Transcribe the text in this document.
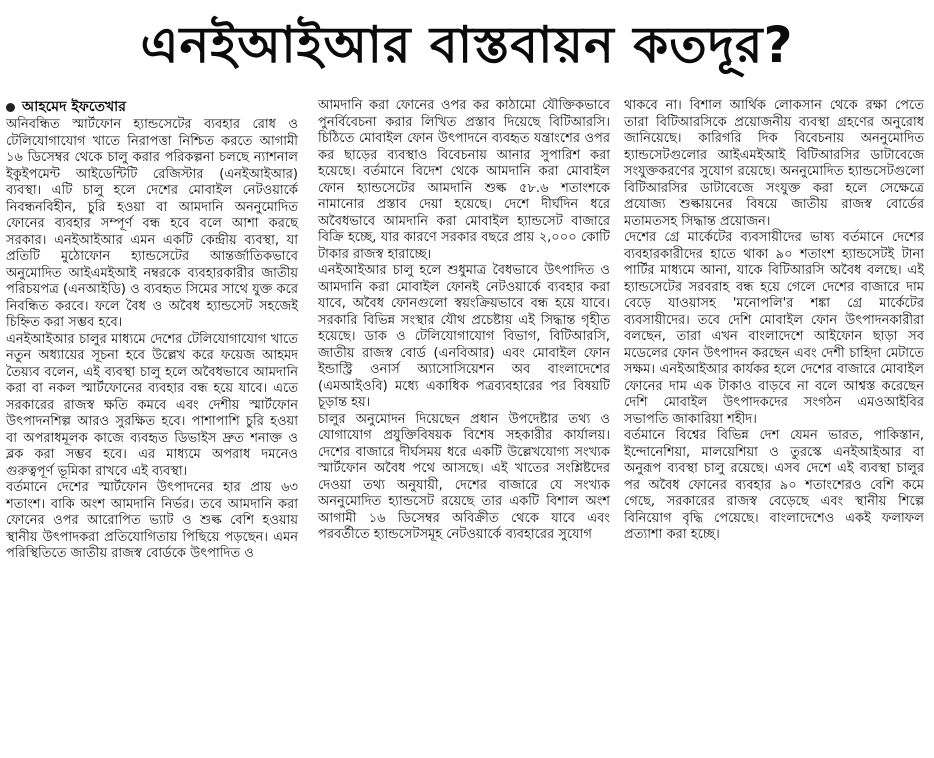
এনইআইআর বাস্তবায়ন কতদূর?
আহমেদ ইফতেখার

অনিবন্ধিত স্মার্টফোন হ্যান্ডসেটের ব্যবহার রোধ ও টেলিযোগাযোগ খাতে নিরাপত্তা নিশ্চিত করতে আগামী ১৬ ডিসেম্বর থেকে চালু করার পরিকল্পনা চলছে ন্যাশনাল ইকুইপমেন্ট আইডেন্টিটি রেজিস্টার (এনইআইআর) ব্যবস্থা। এটি চালু হলে দেশের মোবাইল নেটওয়ার্কে নিবন্ধনবিহীন, চুরি হওয়া বা আমদানি অননুমোদিত ফোনের ব্যবহার সম্পূর্ণ বন্ধ হবে বলে আশা করছে সরকার। এনইআইআর এমন একটি কেন্দ্রীয় ব্যবস্থা, যা প্রতিটি মুঠোফোন হ্যান্ডসেটের আন্তর্জাতিকভাবে অনুমোদিত আইএমইআই নম্বরকে ব্যবহারকারীর জাতীয় পরিচয়পত্র (এনআইডি) ও ব্যবহৃত সিমের সাথে যুক্ত করে নিবন্ধিত করবে। ফলে বৈধ ও অবৈধ হ্যান্ডসেট সহজেই চিহ্নিত করা সম্ভব হবে।

এনইআইআর চালুর মাধ্যমে দেশের টেলিযোগাযোগ খাতে নতুন অধ্যায়ের সূচনা হবে উল্লেখ করে ফয়েজ আহমদ তৈয়্যব বলেন, এই ব্যবস্থা চালু হলে অবৈধভাবে আমদানি করা বা নকল স্মার্টফোনের ব্যবহার বন্ধ হয়ে যাবে। এতে সরকারের রাজস্ব ক্ষতি কমবে এবং দেশীয় স্মার্টফোন উৎপাদনশিল্প আরও সুরক্ষিত হবে। পাশাপাশি চুরি হওয়া বা অপরাধমূলক কাজে ব্যবহৃত ডিভাইস দ্রুত শনাক্ত ও ব্লক করা সম্ভব হবে। এর মাধ্যমে অপরাধ দমনেও গুরুত্বপূর্ণ ভূমিকা রাখবে এই ব্যবস্থা।

বর্তমানে দেশের স্মার্টফোন উৎপাদনের হার প্রায় ৬৩ শতাংশ। বাকি অংশ আমদানি নির্ভর। তবে আমদানি করা ফোনের ওপর আরোপিত ভ্যাট ও শুল্ক বেশি হওয়ায় স্থানীয় উৎপাদকরা প্রতিযোগিতায় পিছিয়ে পড়ছেন। এমন পরিস্থিতিতে জাতীয় রাজস্ব বোর্ডকে উৎপাদিত ও

আমদানি করা ফোনের ওপর কর কাঠামো যৌক্তিকভাবে পুনর্বিবেচনা করার লিখিত প্রস্তাব দিয়েছে বিটিআরসি। চিঠিতে মোবাইল ফোন উৎপাদনে ব্যবহৃত যন্ত্রাংশের ওপর কর ছাড়ের ব্যবস্থাও বিবেচনায় আনার সুপারিশ করা হয়েছে। বর্তমানে বিদেশ থেকে আমদানি করা মোবাইল ফোন হ্যান্ডসেটের আমদানি শুল্ক ৫৮.৬ শতাংশকে নামানোর প্রস্তাব দেয়া হয়েছে। দেশে দীর্ঘদিন ধরে অবৈধভাবে আমদানি করা মোবাইল হ্যান্ডসেট বাজারে বিক্রি হচ্ছে, যার কারণে সরকার বছরে প্রায় ২,০০০ কোটি টাকার রাজস্ব হারাচ্ছে।

এনইআইআর চালু হলে শুধুমাত্র বৈধভাবে উৎপাদিত ও আমদানি করা মোবাইল ফোনই নেটওয়ার্কে ব্যবহার করা যাবে, অবৈধ ফোনগুলো স্বয়ংক্রিয়ভাবে বন্ধ হয়ে যাবে। সরকারি বিভিন্ন সংস্থার যৌথ প্রচেষ্টায় এই সিদ্ধান্ত গৃহীত হয়েছে। ডাক ও টেলিযোগাযোগ বিভাগ, বিটিআরসি, জাতীয় রাজস্ব বোর্ড (এনবিআর) এবং মোবাইল ফোন ইন্ডাস্ট্রি ওনার্স অ্যাসোসিয়েশন অব বাংলাদেশের (এমআইওবি) মধ্যে একাধিক পত্রব্যবহারের পর বিষয়টি চূড়ান্ত হয়।

চালুর অনুমোদন দিয়েছেন প্রধান উপদেষ্টার তথ্য ও যোগাযোগ প্রযুক্তিবিষয়ক বিশেষ সহকারীর কার্যালয়। দেশের বাজারে দীর্ঘসময় ধরে একটি উল্লেখযোগ্য সংখ্যক স্মার্টফোন অবৈধ পথে আসছে। এই খাতের সংশ্লিষ্টদের দেওয়া তথ্য অনুযায়ী, দেশের বাজারে যে সংখ্যক অননুমোদিত হ্যান্ডসেট রয়েছে তার একটি বিশাল অংশ আগামী ১৬ ডিসেম্বর অবিক্রীত থেকে যাবে এবং পরবর্তীতে হ্যান্ডসেটসমূহ নেটওয়ার্কে ব্যবহারের সুযোগ

থাকবে না। বিশাল আর্থিক লোকসান থেকে রক্ষা পেতে তারা বিটিআরসিকে প্রয়োজনীয় ব্যবস্থা গ্রহণের অনুরোধ জানিয়েছে। কারিগরি দিক বিবেচনায় অননুমোদিত হ্যান্ডসেটগুলোর আইএমইআই বিটিআরসির ডাটাবেজে সংযুক্তকরণের সুযোগ রয়েছে। অননুমোদিত হ্যান্ডসেটগুলো বিটিআরসির ডাটাবেজে সংযুক্ত করা হলে সেক্ষেত্রে প্রযোজ্য শুল্কায়নের বিষয়ে জাতীয় রাজস্ব বোর্ডের মতামতসহ সিদ্ধান্ত প্রয়োজন।

দেশের গ্রে মার্কেটের ব্যবসায়ীদের ভাষ্য বর্তমানে দেশের ব্যবহারকারীদের হাতে থাকা ৯০ শতাংশ হ্যান্ডসেটই টানা পার্টির মাধ্যমে আনা, যাকে বিটিআরসি অবৈধ বলছে। এই হ্যান্ডসেটের সরবরাহ বন্ধ হয়ে গেলে দেশের বাজারে দাম বেড়ে যাওয়াসহ 'মনোপলি'র শঙ্কা গ্রে মার্কেটের ব্যবসায়ীদের। তবে দেশি মোবাইল ফোন উৎপাদনকারীরা বলছেন, তারা এখন বাংলাদেশে আইফোন ছাড়া সব মডেলের ফোন উৎপাদন করছেন এবং দেশী চাহিদা মেটাতে সক্ষম। এনইআইআর কার্যকর হলে দেশের বাজারে মোবাইল ফোনের দাম এক টাকাও বাড়বে না বলে আশ্বস্ত করেছেন দেশি মোবাইল উৎপাদকদের সংগঠন এমওআইবির সভাপতি জাকারিয়া শহীদ।

বর্তমানে বিশ্বের বিভিন্ন দেশ যেমন ভারত, পাকিস্তান, ইন্দোনেশিয়া, মালয়েশিয়া ও তুরস্কে এনইআইআর বা অনুরূপ ব্যবস্থা চালু রয়েছে। এসব দেশে এই ব্যবস্থা চালুর পর অবৈধ ফোনের ব্যবহার ৯০ শতাংশেরও বেশি কমে গেছে, সরকারের রাজস্ব বেড়েছে এবং স্থানীয় শিল্পে বিনিয়োগ বৃদ্ধি পেয়েছে। বাংলাদেশেও একই ফলাফল প্রত্যাশা করা হচ্ছে।
